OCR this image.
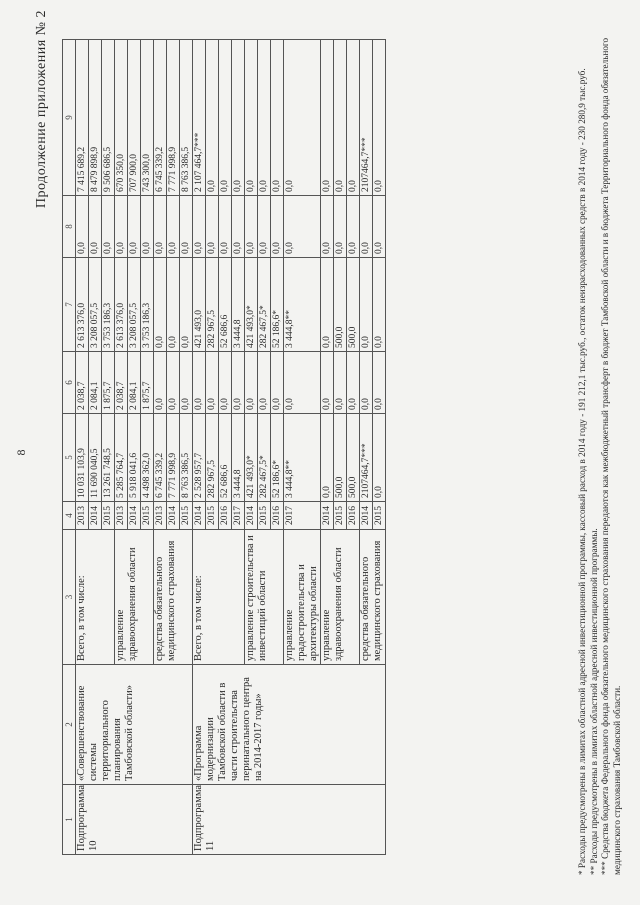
8
Продолжение приложения № 2
1	2	3	4	5	6	7	8	9
Подпрограмма 10	«Совершенствование системы территориального планирования Тамбовской области»	Всего, в том числе:	2013	10 031 103,9	2 038,7	2 613 376,0	0,0	7 415 689,2
			2014	11 690 040,5	2 084,1	3 208 057,5	0,0	8 479 898,9
			2015	13 261 748,5	1 875,7	3 753 186,3	0,0	9 506 686,5
		управление здравоохранения области	2013	5 285 764,7	2 038,7	2 613 376,0	0,0	670 350,0
			2014	5 918 041,6	2 084,1	3 208 057,5	0,0	707 900,0
			2015	4 498 362,0	1 875,7	3 753 186,3	0,0	743 300,0
		средства обязательного медицинского страхования	2013	6 745 339,2	0,0	0,0	0,0	6 745 339,2
			2014	7 771 998,9	0,0	0,0	0,0	7 771 998,9
			2015	8 763 386,5	0,0	0,0	0,0	8 763 386,5
Подпрограмма 11	«Программа модернизации Тамбовской области в части строительства перинатального центра на 2014-2017 годы»	Всего, в том числе:	2014	2 528 957,7	0,0	421 493,0	0,0	2 107 464,7***
			2015	282 967,5	0,0	282 967,5	0,0	0,0
			2016	52 686,6	0,0	52 686,6	0,0	0,0
			2017	3 444,8	0,0	3 444,8	0,0	0,0
		управление строительства и инвестиций области	2014	421 493,0*	0,0	421 493,0*	0,0	0,0
			2015	282 467,5*	0,0	282 467,5*	0,0	0,0
			2016	52 186,6*	0,0	52 186,6*	0,0	0,0
		управление градостроительства и архитектуры области	2017	3 444,8**	0,0	3 444,8**	0,0	0,0
		управление здравоохранения области	2014	0,0	0,0	0,0	0,0	0,0
			2015	500,0	0,0	500,0	0,0	0,0
			2016	500,0	0,0	500,0	0,0	0,0
		средства обязательного медицинского страхования	2014	2107464,7***	0,0	0,0	0,0	2107464,7***
			2015	0,0	0,0	0,0	0,0	0,0	* Расходы предусмотрены в лимитах областной адресной инвестиционной программы, кассовый расход в 2014 году - 191 212,1 тыс.руб., остаток неизрасходованных средств в 2014 году - 230 280,9 тыс.руб. ** Расходы предусмотрены в лимитах областной адресной инвестиционной программы. *** Средства бюджета Федерального фонда обязательного медицинского страхования передаются как межбюджетный трансферт в бюджет Тамбовской области и в бюджета Территориального фонда обязательного медицинского страхования Тамбовской области.
